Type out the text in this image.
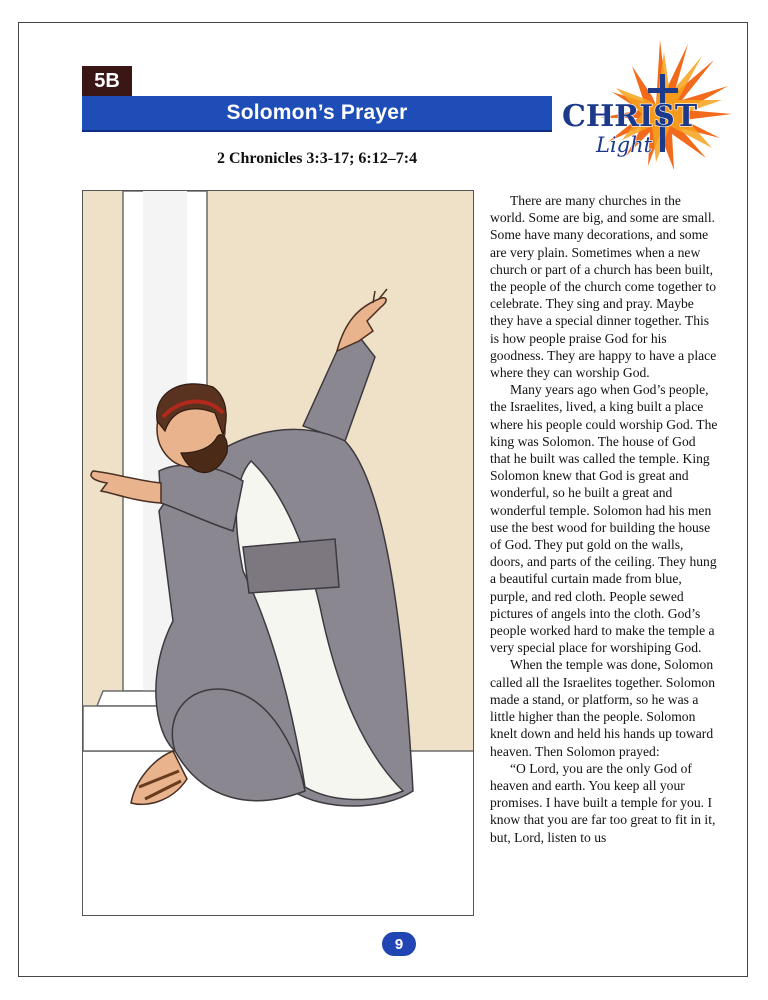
5B
Solomon’s Prayer	CHRIST
Light
2 Chronicles 3:3-17; 6:12–7:4

There are many churches in the world. Some are big, and some are small. Some have many decorations, and some are very plain. Sometimes when a new church or part of a church has been built, the people of the church come together to celebrate. They sing and pray. Maybe they have a special dinner together. This is how people praise God for his goodness. They are happy to have a place where they can worship God.

Many years ago when God’s people, the Israelites, lived, a king built a place where his people could worship God. The king was Solomon. The house of God that he built was called the temple. King Solomon knew that God is great and wonderful, so he built a great and wonderful temple. Solomon had his men use the best wood for building the house of God. They put gold on the walls, doors, and parts of the ceiling. They hung a beautiful curtain made from blue, purple, and red cloth. People sewed pictures of angels into the cloth. God’s people worked hard to make the temple a very special place for worshiping God.

When the temple was done, Solomon called all the Israelites together. Solomon made a stand, or platform, so he was a little higher than the people. Solomon knelt down and held his hands up toward heaven. Then Solomon prayed:

“O Lord, you are the only God of heaven and earth. You keep all your promises. I have built a temple for you. I know that you are far too great to fit in it, but, Lord, listen to us

9
